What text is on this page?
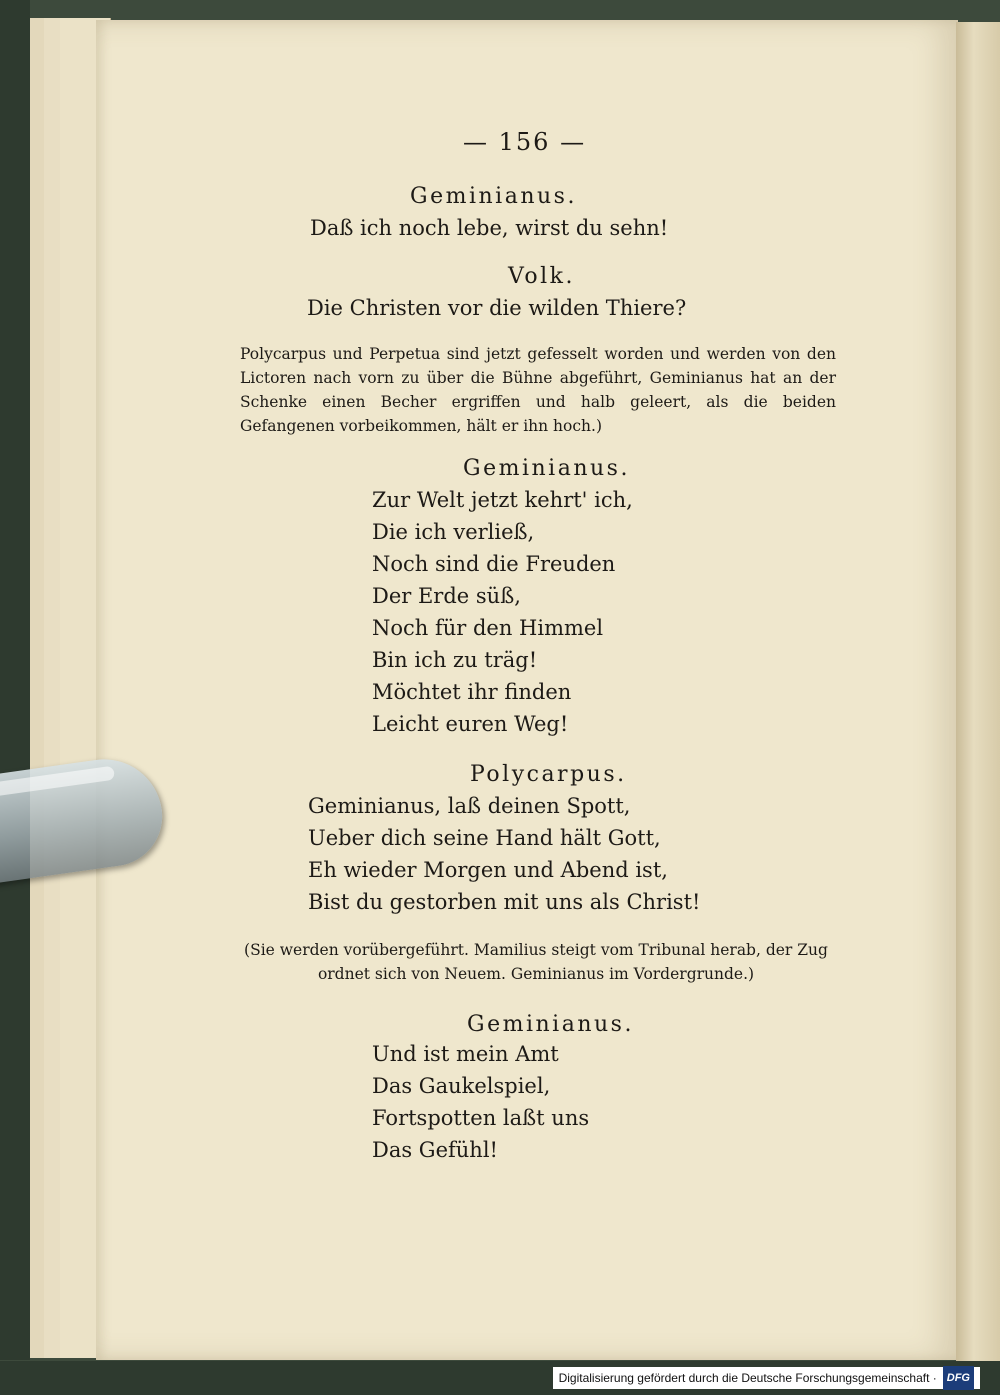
— 156 —
Geminianus.
Daß ich noch lebe, wirst du sehn!
Volk.
Die Christen vor die wilden Thiere?
Polycarpus und Perpetua sind jetzt gefesselt worden und werden von den Lictoren nach vorn zu über die Bühne abgeführt, Geminianus hat an der Schenke einen Becher ergriffen und halb geleert, als die beiden Gefangenen vorbeikommen, hält er ihn hoch.)
Geminianus.
Zur Welt jetzt kehrt' ich,
Die ich verließ,
Noch sind die Freuden
Der Erde süß,
Noch für den Himmel
Bin ich zu träg!
Möchtet ihr finden
Leicht euren Weg!
Polycarpus.
Geminianus, laß deinen Spott,
Ueber dich seine Hand hält Gott,
Eh wieder Morgen und Abend ist,
Bist du gestorben mit uns als Christ!
(Sie werden vorübergeführt. Mamilius steigt vom Tribunal herab, der Zug ordnet sich von Neuem. Geminianus im Vordergrunde.)
Geminianus.
Und ist mein Amt
Das Gaukelspiel,
Fortspotten laßt uns
Das Gefühl!
Digitalisierung gefördert durch die Deutsche Forschungsgemeinschaft · DFG
